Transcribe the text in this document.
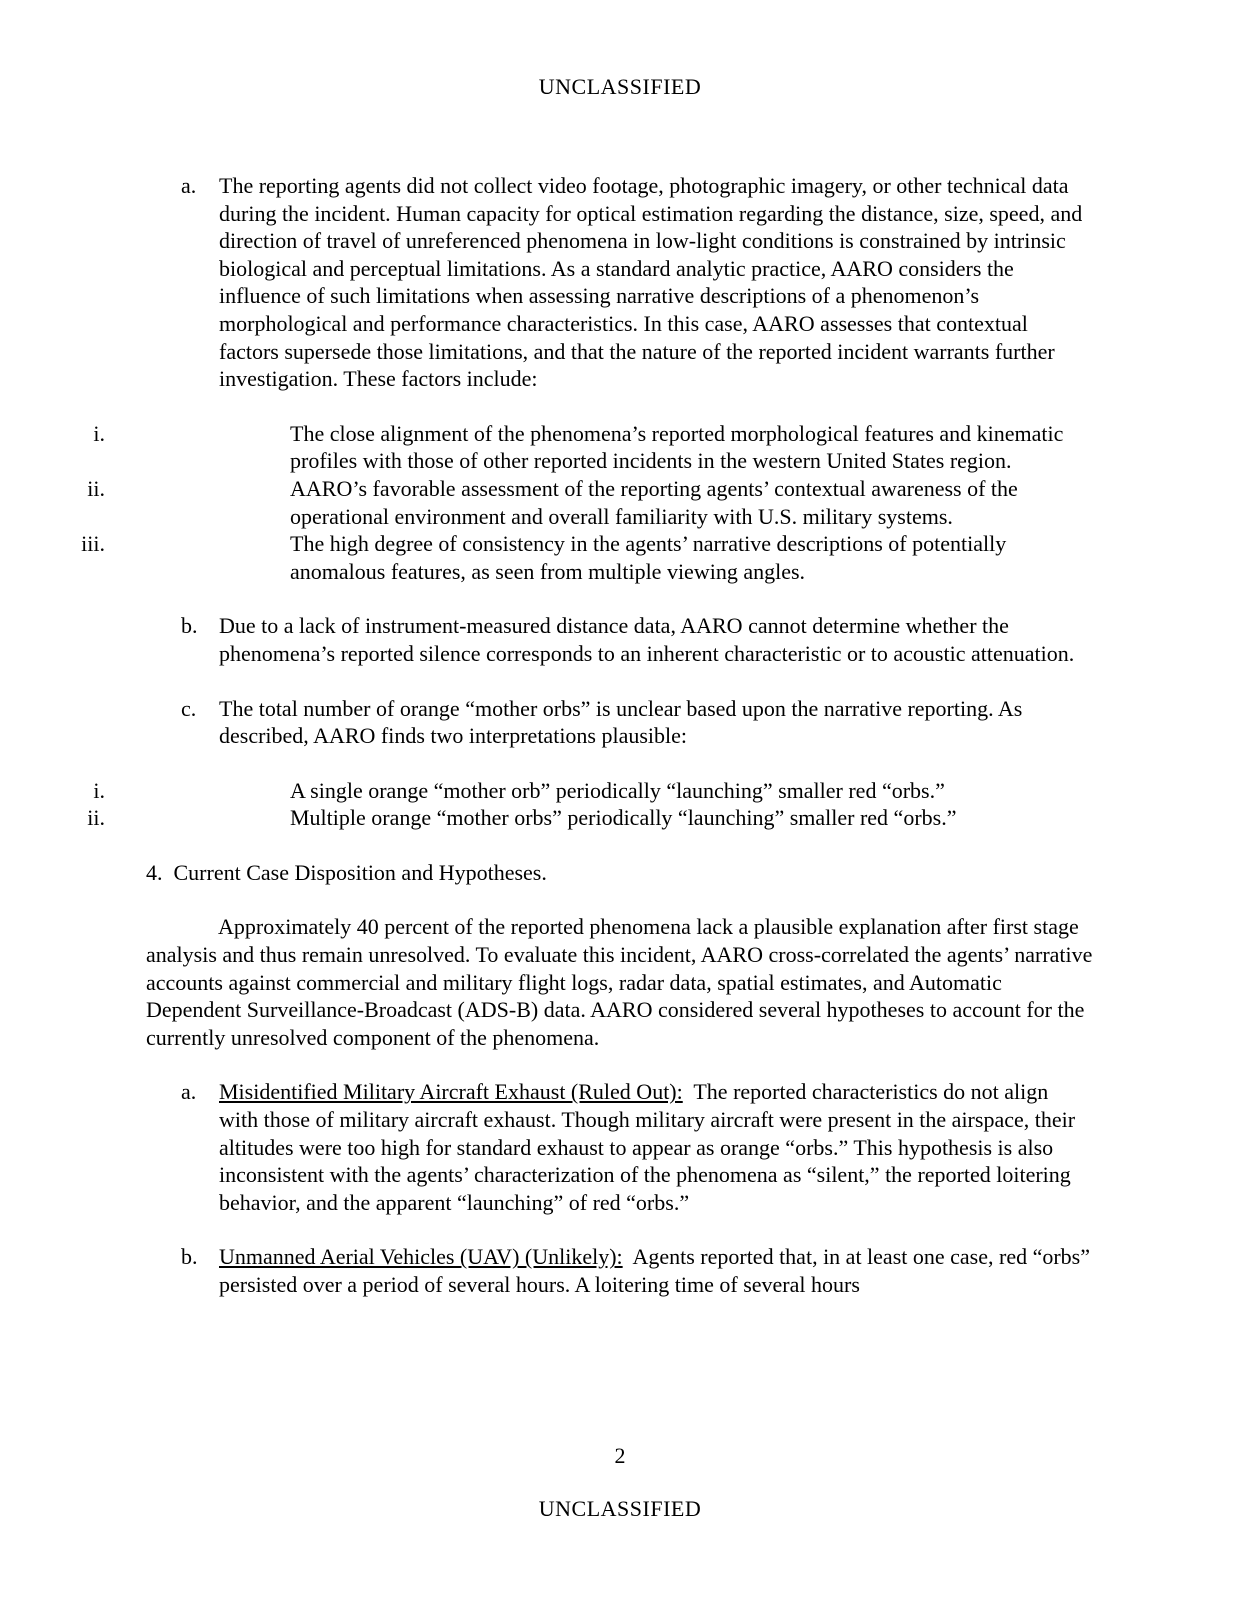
UNCLASSIFIED
a. The reporting agents did not collect video footage, photographic imagery, or other technical data during the incident. Human capacity for optical estimation regarding the distance, size, speed, and direction of travel of unreferenced phenomena in low-light conditions is constrained by intrinsic biological and perceptual limitations. As a standard analytic practice, AARO considers the influence of such limitations when assessing narrative descriptions of a phenomenon’s morphological and performance characteristics. In this case, AARO assesses that contextual factors supersede those limitations, and that the nature of the reported incident warrants further investigation. These factors include:
i.	The close alignment of the phenomena’s reported morphological features and kinematic profiles with those of other reported incidents in the western United States region.
ii.	AARO’s favorable assessment of the reporting agents’ contextual awareness of the operational environment and overall familiarity with U.S. military systems.
iii.	The high degree of consistency in the agents’ narrative descriptions of potentially anomalous features, as seen from multiple viewing angles.
b. Due to a lack of instrument-measured distance data, AARO cannot determine whether the phenomena’s reported silence corresponds to an inherent characteristic or to acoustic attenuation.
c. The total number of orange “mother orbs” is unclear based upon the narrative reporting. As described, AARO finds two interpretations plausible:
i.	A single orange “mother orb” periodically “launching” smaller red “orbs.”
ii.	Multiple orange “mother orbs” periodically “launching” smaller red “orbs.”
4. Current Case Disposition and Hypotheses.
Approximately 40 percent of the reported phenomena lack a plausible explanation after first stage analysis and thus remain unresolved. To evaluate this incident, AARO cross-correlated the agents’ narrative accounts against commercial and military flight logs, radar data, spatial estimates, and Automatic Dependent Surveillance-Broadcast (ADS-B) data. AARO considered several hypotheses to account for the currently unresolved component of the phenomena.
a. Misidentified Military Aircraft Exhaust (Ruled Out): The reported characteristics do not align with those of military aircraft exhaust. Though military aircraft were present in the airspace, their altitudes were too high for standard exhaust to appear as orange “orbs.” This hypothesis is also inconsistent with the agents’ characterization of the phenomena as “silent,” the reported loitering behavior, and the apparent “launching” of red “orbs.”
b. Unmanned Aerial Vehicles (UAV) (Unlikely): Agents reported that, in at least one case, red “orbs” persisted over a period of several hours. A loitering time of several hours
2
UNCLASSIFIED
